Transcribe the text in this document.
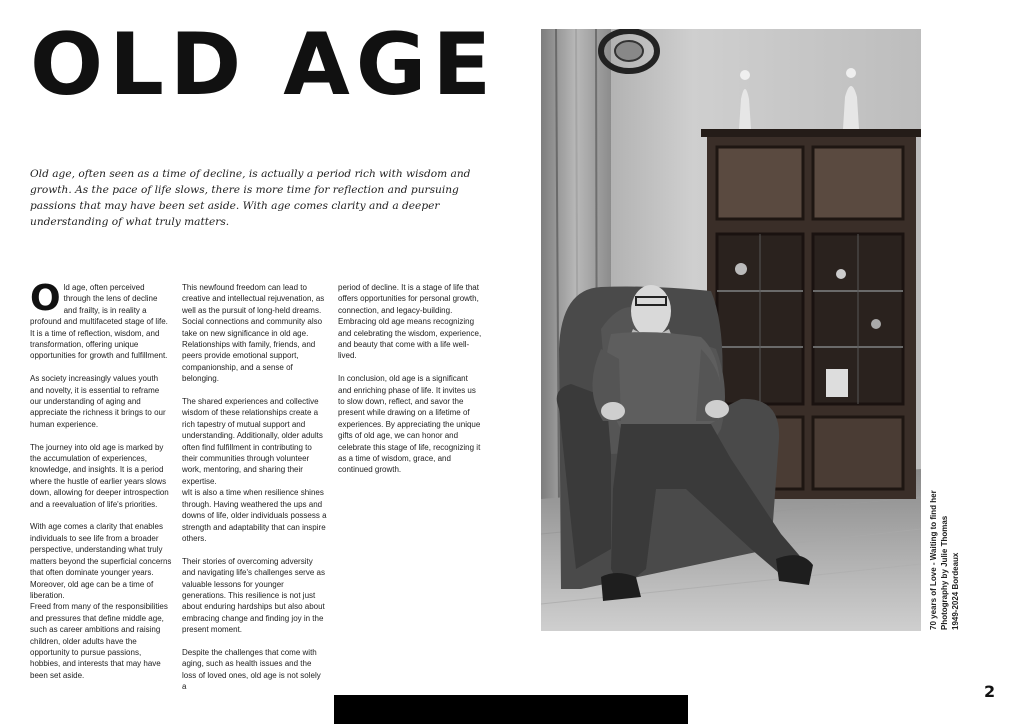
OLD AGE

Old age, often seen as a time of decline, is actually a period rich with wisdom and growth. As the pace of life slows, there is more time for reflection and pursuing passions that may have been set aside. With age comes clarity and a deeper understanding of what truly matters.

Old age, often perceived through the lens of decline and frailty, is in reality a profound and multifaceted stage of life. It is a time of reflection, wisdom, and transformation, offering unique opportunities for growth and fulfillment.

As society increasingly values youth and novelty, it is essential to reframe our understanding of aging and appreciate the richness it brings to our human experience.

The journey into old age is marked by the accumulation of experiences, knowledge, and insights. It is a period where the hustle of earlier years slows down, allowing for deeper introspection and a reevaluation of life's priorities.

With age comes a clarity that enables individuals to see life from a broader perspective, understanding what truly matters beyond the superficial concerns that often dominate younger years. Moreover, old age can be a time of liberation.
Freed from many of the responsibilities and pressures that define middle age, such as career ambitions and raising children, older adults have the opportunity to pursue passions, hobbies, and interests that may have been set aside.

This newfound freedom can lead to creative and intellectual rejuvenation, as well as the pursuit of long-held dreams.
Social connections and community also take on new significance in old age. Relationships with family, friends, and peers provide emotional support, companionship, and a sense of belonging.

The shared experiences and collective wisdom of these relationships create a rich tapestry of mutual support and understanding. Additionally, older adults often find fulfillment in contributing to their communities through volunteer work, mentoring, and sharing their expertise.
wIt is also a time when resilience shines through. Having weathered the ups and downs of life, older individuals possess a strength and adaptability that can inspire others.

Their stories of overcoming adversity and navigating life's challenges serve as valuable lessons for younger generations. This resilience is not just about enduring hardships but also about embracing change and finding joy in the present moment.

Despite the challenges that come with aging, such as health issues and the loss of loved ones, old age is not solely a

period of decline. It is a stage of life that offers opportunities for personal growth, connection, and legacy-building. Embracing old age means recognizing and celebrating the wisdom, experience, and beauty that come with a life well-lived.

In conclusion, old age is a significant and enriching phase of life. It invites us to slow down, reflect, and savor the present while drawing on a lifetime of experiences. By appreciating the unique gifts of old age, we can honor and celebrate this stage of life, recognizing it as a time of wisdom, grace, and continued growth.

70 years of Love - Waiting to find her Photography by Julie Thomas 1949-2024 Bordeaux
2
